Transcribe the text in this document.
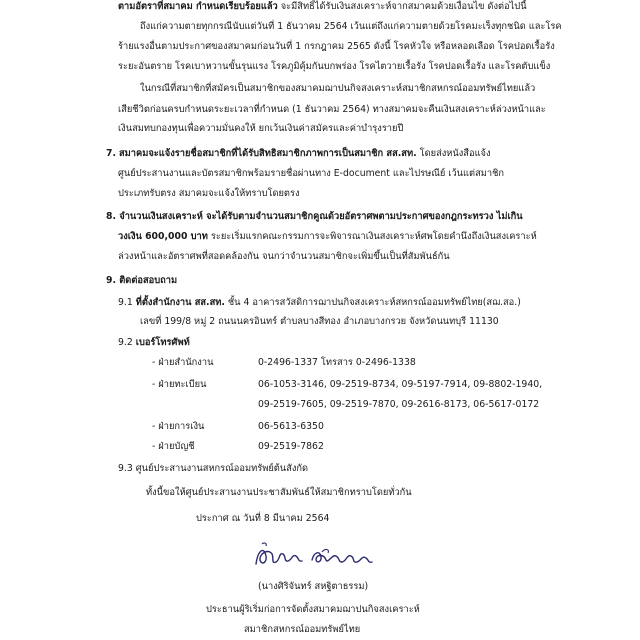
ตามอัตราที่สมาคม กำหนดเรียบร้อยแล้ว จะมีสิทธิ์ได้รับเงินสงเคราะห์จากสมาคมด้วยเงื่อนไข ดังต่อไปนี้
ถึงแก่ความตายทุกกรณีนับแต่วันที่ 1 ธันวาคม 2564 เว้นแต่ถึงแก่ความตายด้วยโรคมะเร็งทุกชนิด และโรค
ร้ายแรงอื่นตามประกาศของสมาคมก่อนวันที่ 1 กรกฎาคม 2565 ดังนี้ โรคหัวใจ หรือหลอดเลือด โรคปอดเรื้อรัง
ระยะอันตราย โรคเบาหวานขั้นรุนแรง โรคภูมิคุ้มกันบกพร่อง โรคไตวายเรื้อรัง โรคปอดเรื้อรัง และโรคตับแข็ง
ในกรณีที่สมาชิกที่สมัครเป็นสมาชิกของสมาคมฌาปนกิจสงเคราะห์สมาชิกสหกรณ์ออมทรัพย์ไทยแล้ว
เสียชีวิตก่อนครบกำหนดระยะเวลาที่กำหนด (1 ธันวาคม 2564) ทางสมาคมจะคืนเงินสงเคราะห์ล่วงหน้าและ
เงินสมทบกองทุนเพื่อความมั่นคงให้ ยกเว้นเงินค่าสมัครและค่าบำรุงรายปี
7. สมาคมจะแจ้งรายชื่อสมาชิกที่ได้รับสิทธิสมาชิกภาพการเป็นสมาชิก สส.สท. โดยส่งหนังสือแจ้ง
ศูนย์ประสานงานและบัตรสมาชิกพร้อมรายชื่อผ่านทาง E-document และไปรษณีย์ เว้นแต่สมาชิก
ประเภทรับตรง สมาคมจะแจ้งให้ทราบโดยตรง
8. จำนวนเงินสงเคราะห์ จะได้รับตามจำนวนสมาชิกคูณด้วยอัตราศพตามประกาศของกฎกระทรวง ไม่เกิน
วงเงิน 600,000 บาท ระยะเริ่มแรกคณะกรรมการจะพิจารณาเงินสงเคราะห์ศพโดยคำนึงถึงเงินสงเคราะห์
ล่วงหน้าและอัตราศพที่สอดคล้องกัน จนกว่าจำนวนสมาชิกจะเพิ่มขึ้นเป็นที่สัมพันธ์กัน
9. ติดต่อสอบถาม
9.1 ที่ตั้งสำนักงาน สส.สท. ชั้น 4 อาคารสวัสดิการฌาปนกิจสงเคราะห์สหกรณ์ออมทรัพย์ไทย(สฌ.สอ.)
เลขที่ 199/8 หมู่ 2 ถนนนครอินทร์ ตำบลบางสีทอง อำเภอบางกรวย จังหวัดนนทบุรี 11130
9.2 เบอร์โทรศัพท์
- ฝ่ายสำนักงาน	0-2496-1337 โทรสาร 0-2496-1338
- ฝ่ายทะเบียน	06-1053-3146, 09-2519-8734, 09-5197-7914, 09-8802-1940,
09-2519-7605, 09-2519-7870, 09-2616-8173, 06-5617-0172
- ฝ่ายการเงิน	06-5613-6350
- ฝ่ายบัญชี	09-2519-7862
9.3 ศูนย์ประสานงานสหกรณ์ออมทรัพย์ต้นสังกัด
ทั้งนี้ขอให้ศูนย์ประสานงานประชาสัมพันธ์ให้สมาชิกทราบโดยทั่วกัน
ประกาศ ณ วันที่ 8 มีนาคม 2564
(นางศิริจันทร์ สหฐิตาธรรม)
ประธานผู้ริเริ่มก่อการจัดตั้งสมาคมฌาปนกิจสงเคราะห์
สมาชิกสหกรณ์ออมทรัพย์ไทย
